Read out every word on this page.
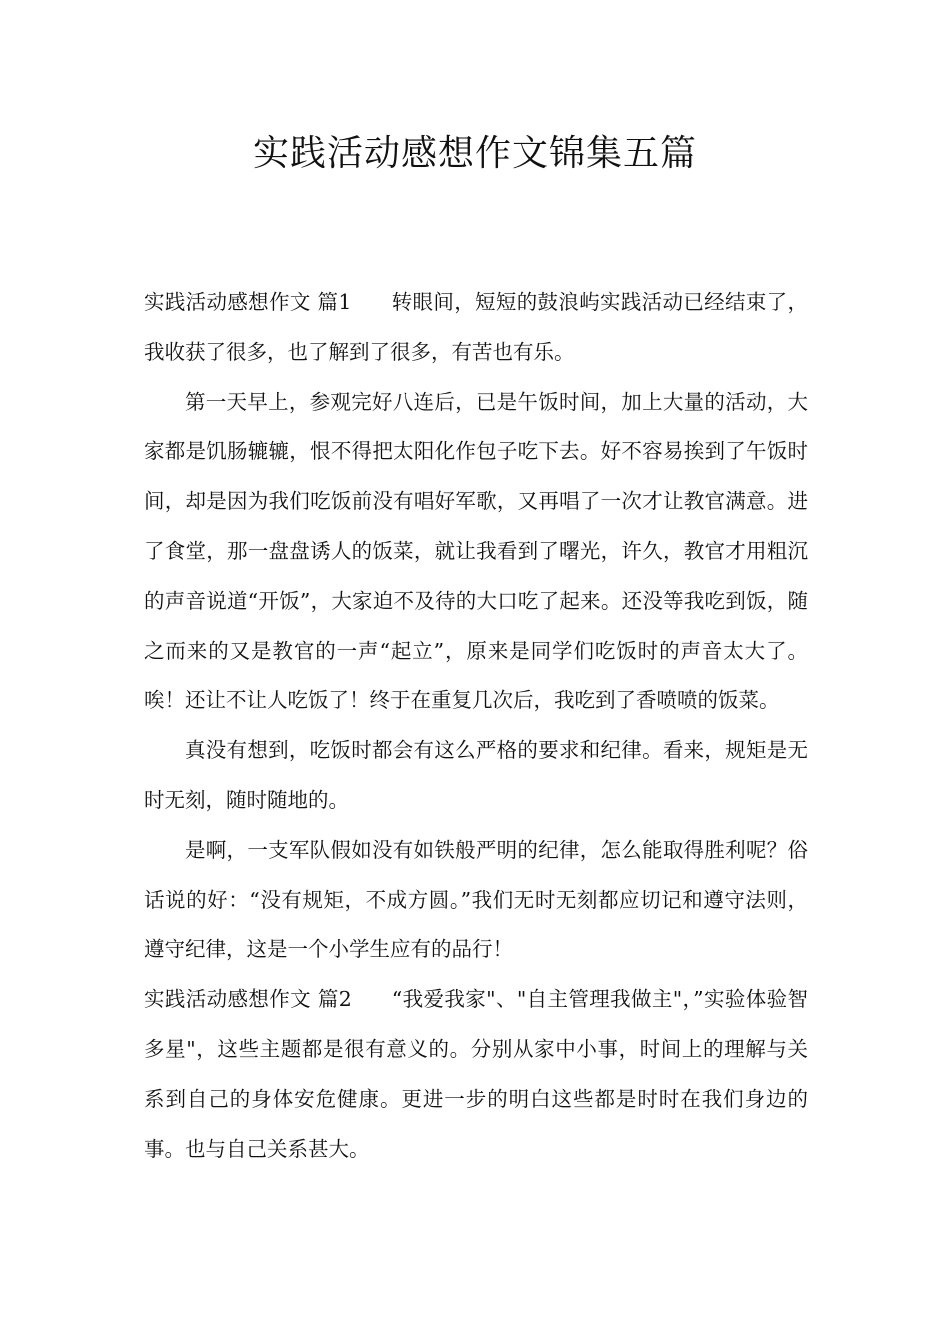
实践活动感想作文锦集五篇

实践活动感想作文 篇1 转眼间，短短的鼓浪屿实践活动已经结束了，我收获了很多，也了解到了很多，有苦也有乐。

第一天早上，参观完好八连后，已是午饭时间，加上大量的活动，大家都是饥肠辘辘，恨不得把太阳化作包子吃下去。好不容易挨到了午饭时间，却是因为我们吃饭前没有唱好军歌，又再唱了一次才让教官满意。进了食堂，那一盘盘诱人的饭菜，就让我看到了曙光，许久，教官才用粗沉的声音说道“开饭”，大家迫不及待的大口吃了起来。还没等我吃到饭，随之而来的又是教官的一声“起立”，原来是同学们吃饭时的声音太大了。唉！还让不让人吃饭了！终于在重复几次后，我吃到了香喷喷的饭菜。

真没有想到，吃饭时都会有这么严格的要求和纪律。看来，规矩是无时无刻，随时随地的。

是啊，一支军队假如没有如铁般严明的纪律，怎么能取得胜利呢？俗话说的好：“没有规矩，不成方圆。”我们无时无刻都应切记和遵守法则，遵守纪律，这是一个小学生应有的品行！

实践活动感想作文 篇2 “我爱我家"、"自主管理我做主"，”实验体验智多星"，这些主题都是很有意义的。分别从家中小事，时间上的理解与关系到自己的身体安危健康。更进一步的明白这些都是时时在我们身边的事。也与自己关系甚大。
